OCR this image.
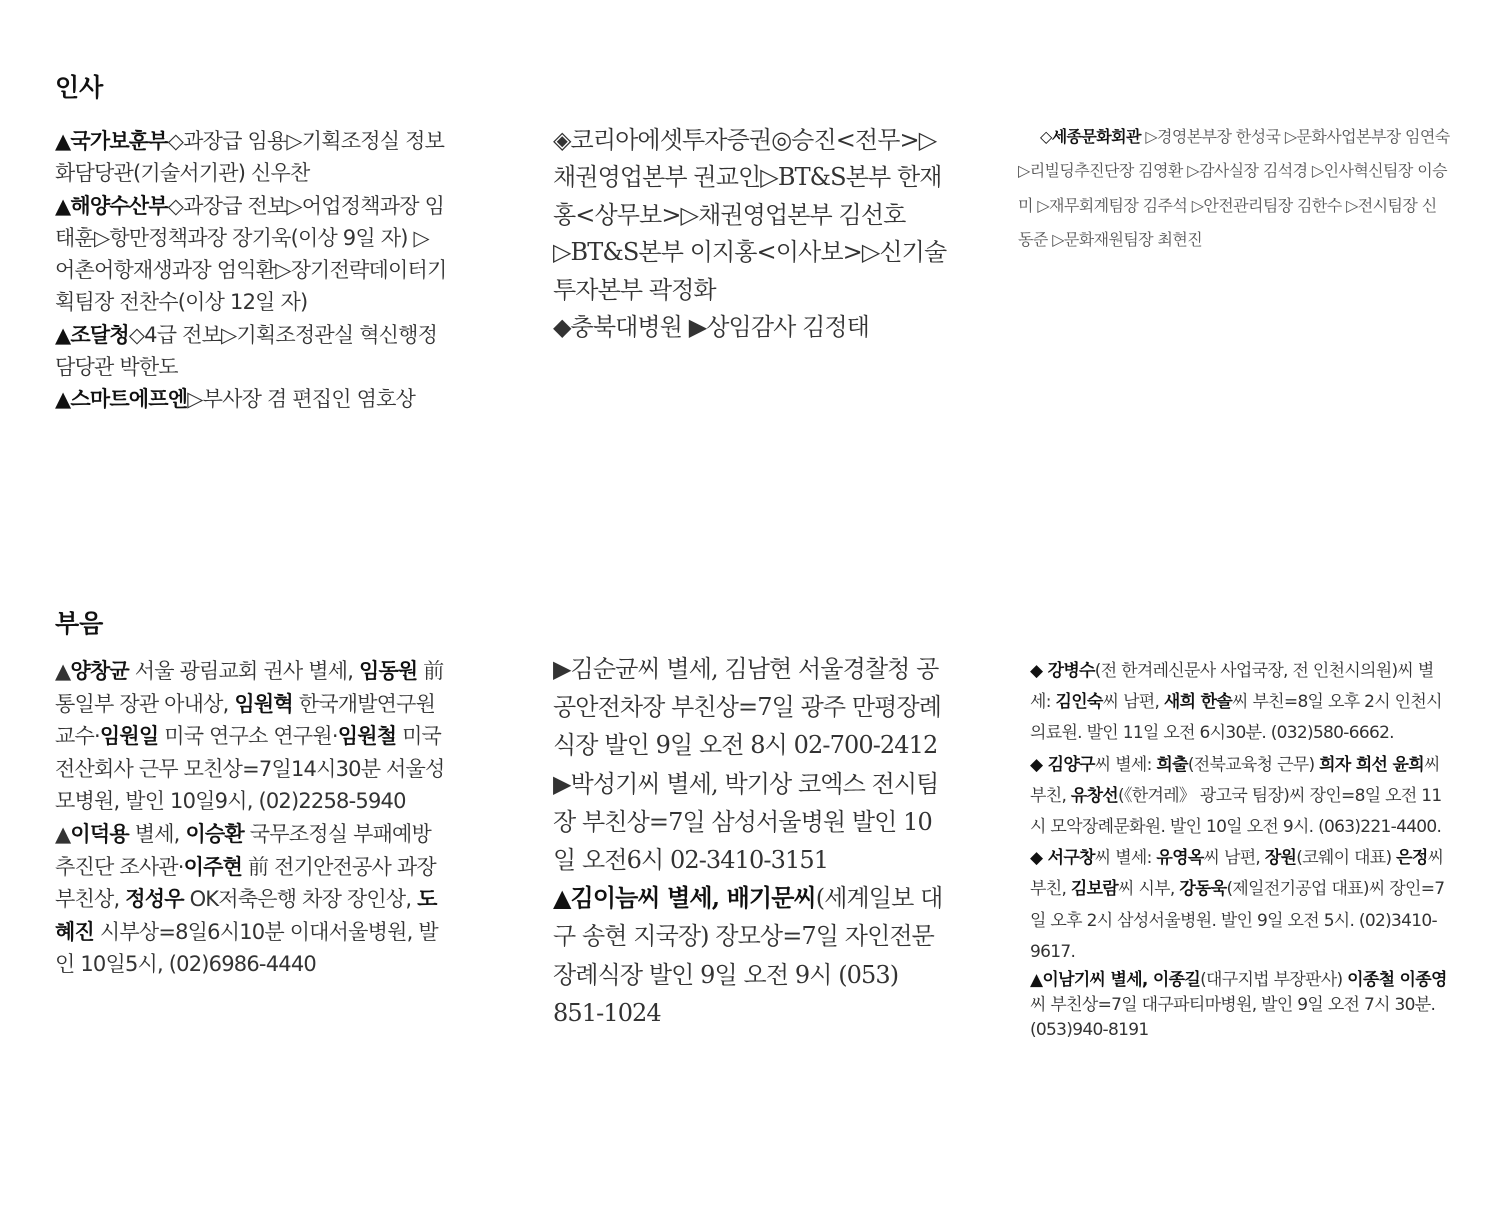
인사
부음

▲국가보훈부◇과장급 임용▷기획조정실 정보화담당관(기술서기관) 신우찬

▲해양수산부◇과장급 전보▷어업정책과장 임태훈▷항만정책과장 장기욱(이상 9일 자) ▷어촌어항재생과장 엄익환▷장기전략데이터기획팀장 전찬수(이상 12일 자)

▲조달청◇4급 전보▷기획조정관실 혁신행정담당관 박한도

▲스마트에프엔▷부사장 겸 편집인 염호상

◈코리아에셋투자증권◎승진<전무>▷채권영업본부 권교인▷BT&S본부 한재홍<상무보>▷채권영업본부 김선호▷BT&S본부 이지홍<이사보>▷신기술투자본부 곽정화

◆충북대병원 ▶상임감사 김정태

◇세종문화회관 ▷경영본부장 한성국 ▷문화사업본부장 임연숙 ▷리빌딩추진단장 김영환 ▷감사실장 김석경 ▷인사혁신팀장 이승미 ▷재무회계팀장 김주석 ▷안전관리팀장 김한수 ▷전시팀장 신동준 ▷문화재원팀장 최현진

▲양창균 서울 광림교회 권사 별세, 임동원 前 통일부 장관 아내상, 임원혁 한국개발연구원 교수·임원일 미국 연구소 연구원·임원철 미국 전산회사 근무 모친상=7일14시30분 서울성모병원, 발인 10일9시, (02)2258-5940

▲이덕용 별세, 이승환 국무조정실 부패예방추진단 조사관·이주현 前 전기안전공사 과장 부친상, 정성우 OK저축은행 차장 장인상, 도혜진 시부상=8일6시10분 이대서울병원, 발인 10일5시, (02)6986-4440

▶김순균씨 별세, 김남현 서울경찰청 공공안전차장 부친상=7일 광주 만평장례식장 발인 9일 오전 8시 02-700-2412

▶박성기씨 별세, 박기상 코엑스 전시팀장 부친상=7일 삼성서울병원 발인 10일 오전6시 02-3410-3151

▲김이늠씨 별세, 배기문씨(세계일보 대구 송현 지국장) 장모상=7일 자인전문장례식장 발인 9일 오전 9시 (053) 851-1024

◆ 강병수(전 한겨레신문사 사업국장, 전 인천시의원)씨 별세: 김인숙씨 남편, 새희 한솔씨 부친=8일 오후 2시 인천시의료원. 발인 11일 오전 6시30분. (032)580-6662.

◆ 김양구씨 별세: 희출(전북교육청 근무) 희자 희선 윤희씨 부친, 유창선(《한겨레》 광고국 팀장)씨 장인=8일 오전 11시 모악장례문화원. 발인 10일 오전 9시. (063)221-4400.

◆ 서구창씨 별세: 유영옥씨 남편, 장원(코웨이 대표) 은정씨 부친, 김보람씨 시부, 강동욱(제일전기공업 대표)씨 장인=7일 오후 2시 삼성서울병원. 발인 9일 오전 5시. (02)3410-9617.

▲이남기씨 별세, 이종길(대구지법 부장판사) 이종철 이종영씨 부친상=7일 대구파티마병원, 발인 9일 오전 7시 30분. (053)940-8191
